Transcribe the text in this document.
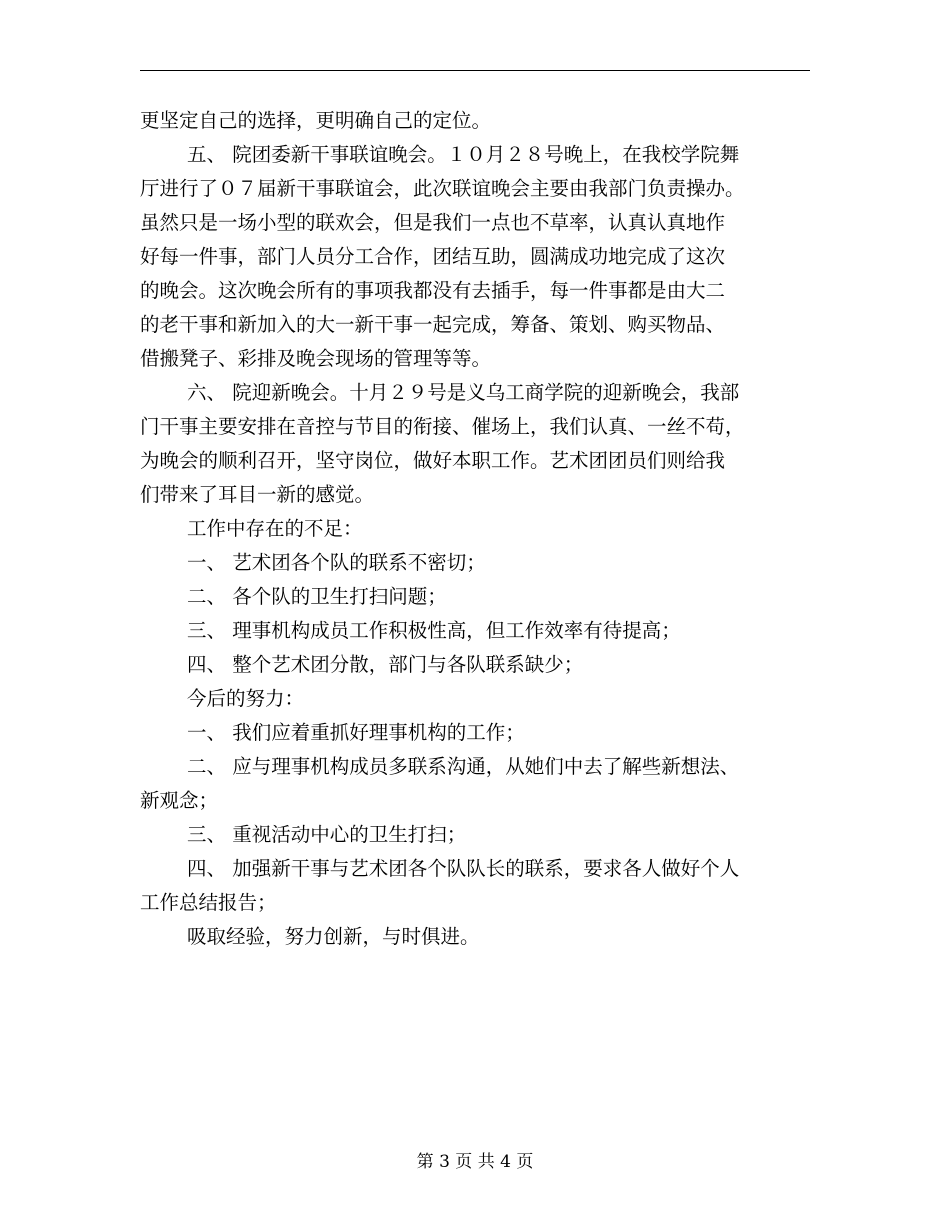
更坚定自己的选择，更明确自己的定位。
五、 院团委新干事联谊晚会。１０月２８号晚上，在我校学院舞
厅进行了０７届新干事联谊会，此次联谊晚会主要由我部门负责操办。
虽然只是一场小型的联欢会，但是我们一点也不草率，认真认真地作
好每一件事，部门人员分工合作，团结互助，圆满成功地完成了这次
的晚会。这次晚会所有的事项我都没有去插手，每一件事都是由大二
的老干事和新加入的大一新干事一起完成，筹备、策划、购买物品、
借搬凳子、彩排及晚会现场的管理等等。
六、 院迎新晚会。十月２９号是义乌工商学院的迎新晚会，我部
门干事主要安排在音控与节目的衔接、催场上，我们认真、一丝不苟，
为晚会的顺利召开，坚守岗位，做好本职工作。艺术团团员们则给我
们带来了耳目一新的感觉。
工作中存在的不足：
一、 艺术团各个队的联系不密切；
二、 各个队的卫生打扫问题；
三、 理事机构成员工作积极性高，但工作效率有待提高；
四、 整个艺术团分散，部门与各队联系缺少；
今后的努力：
一、 我们应着重抓好理事机构的工作；
二、 应与理事机构成员多联系沟通，从她们中去了解些新想法、
新观念；
三、 重视活动中心的卫生打扫；
四、 加强新干事与艺术团各个队队长的联系，要求各人做好个人
工作总结报告；
吸取经验，努力创新，与时俱进。
第 3 页 共 4 页
